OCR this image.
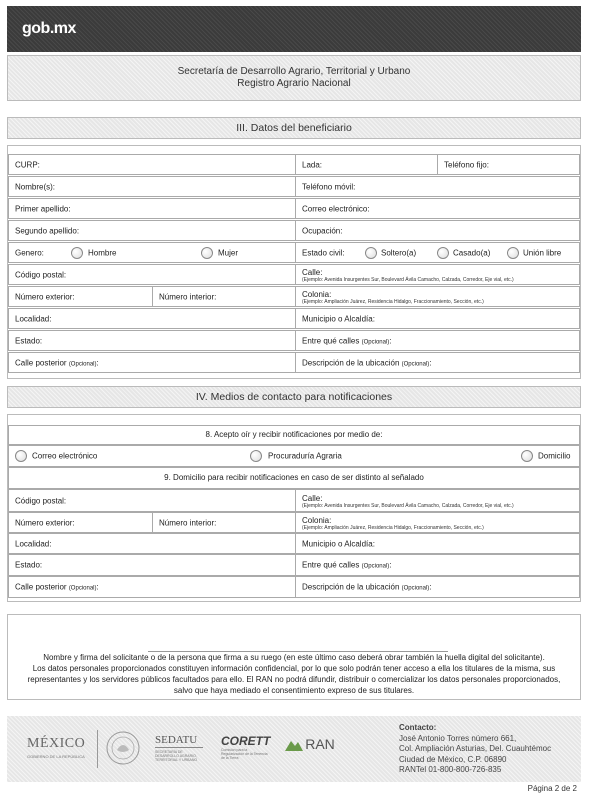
gob.mx
Secretaría de Desarrollo Agrario, Territorial y Urbano
Registro Agrario Nacional
III. Datos del beneficiario
CURP:	Lada:	Teléfono fijo:
Nombre(s):	Teléfono móvil:
Primer apellido:	Correo electrónico:
Segundo apellido:	Ocupación:
Genero:	Hombre	Mujer	Estado civil:	Soltero(a)	Casado(a)	Unión libre
Código postal:	Calle:
(Ejemplo: Avenida Insurgentes Sur, Boulevard Ávila Camacho, Calzada, Corredor, Eje vial, etc.)
Número exterior:	Número interior:	Colonia:
(Ejemplo: Ampliación Juárez, Residencia Hidalgo, Fraccionamiento, Sección, etc.)
Localidad:	Municipio o Alcaldía:
Estado:	Entre qué calles (Opcional):
Calle posterior (Opcional):	Descripción de la ubicación (Opcional):
IV. Medios de contacto para notificaciones
8. Acepto oír y recibir notificaciones por medio de:
Correo electrónico	Procuraduría Agraria	Domicilio
9. Domicilio para recibir notificaciones en caso de ser distinto al señalado
Código postal:	Calle:
(Ejemplo: Avenida Insurgentes Sur, Boulevard Ávila Camacho, Calzada, Corredor, Eje vial, etc.)
Número exterior:	Número interior:	Colonia:
(Ejemplo: Ampliación Juárez, Residencia Hidalgo, Fraccionamiento, Sección, etc.)
Localidad:	Municipio o Alcaldía:
Estado:	Entre qué calles (Opcional):
Calle posterior (Opcional):	Descripción de la ubicación (Opcional):
Nombre y firma del solicitante o de la persona que firma a su ruego (en este último caso deberá obrar también la huella digital del solicitante).
Los datos personales proporcionados constituyen información confidencial, por lo que solo podrán tener acceso a ella los titulares de la misma, sus representantes y los servidores públicos facultados para ello. El RAN no podrá difundir, distribuir o comercializar los datos personales proporcionados, salvo que haya mediado el consentimiento expreso de sus titulares.
MÉXICO
GOBIERNO DE LA REPÚBLICA
SEDATU
SECRETARÍA DE DESARROLLO AGRARIO, TERRITORIAL Y URBANO
CORETT
Comisión para la Regularización de la Tenencia de la Tierra
RAN
Contacto:
José Antonio Torres número 661,
Col. Ampliación Asturias, Del. Cuauhtémoc
Ciudad de México, C.P. 06890
RANTel 01-800-800-726-835
Página 2 de 2
